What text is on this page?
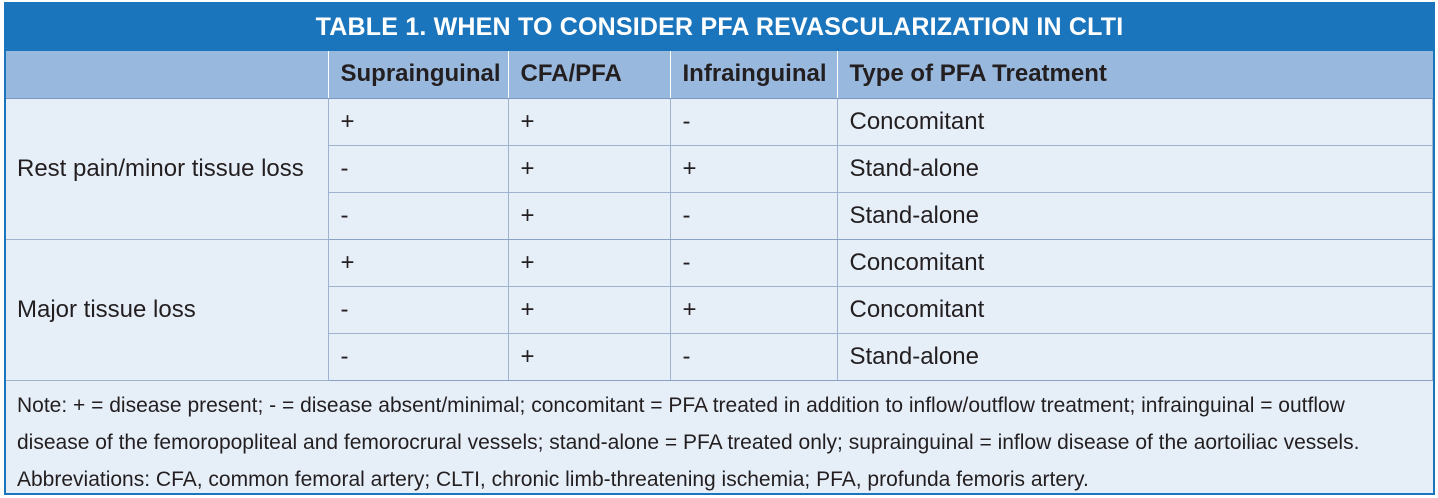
TABLE 1. WHEN TO CONSIDER PFA REVASCULARIZATION IN CLTI
	Suprainguinal	CFA/PFA	Infrainguinal	Type of PFA Treatment
Rest pain/minor tissue loss	+	+	-	Concomitant
	-	+	+	Stand-alone
	-	+	-	Stand-alone
Major tissue loss	+	+	-	Concomitant
	-	+	+	Concomitant
	-	+	-	Stand-alone

Note: + = disease present; - = disease absent/minimal; concomitant = PFA treated in addition to inflow/outflow treatment; infrainguinal = outflow disease of the femoropopliteal and femorocrural vessels; stand-alone = PFA treated only; suprainguinal = inflow disease of the aortoiliac vessels.

Abbreviations: CFA, common femoral artery; CLTI, chronic limb-threatening ischemia; PFA, profunda femoris artery.
